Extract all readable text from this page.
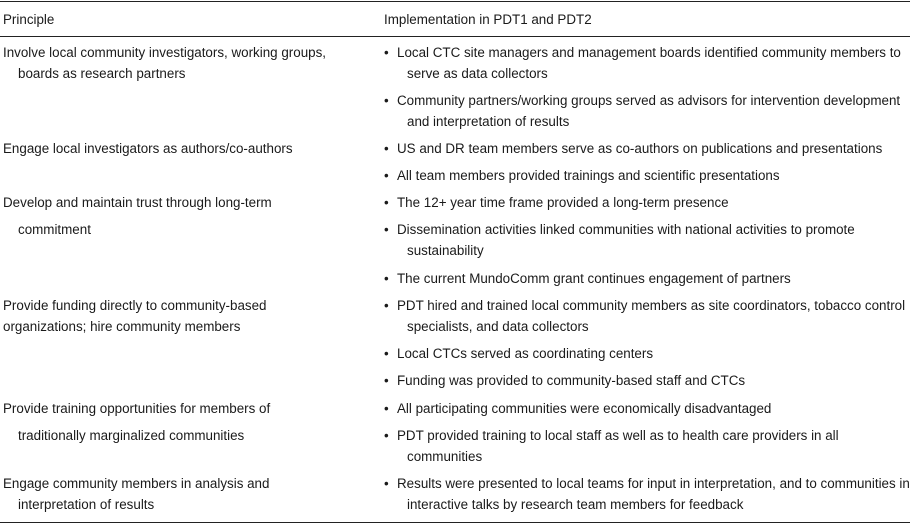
Principle	Implementation in PDT1 and PDT2
Involve local community investigators, working groups,
boards as research partners
• Local CTC site managers and management boards identified community members to
serve as data collectors
• Community partners/working groups served as advisors for intervention development
and interpretation of results
Engage local investigators as authors/co-authors	• US and DR team members serve as co-authors on publications and presentations
• All team members provided trainings and scientific presentations
Develop and maintain trust through long-term
commitment
• The 12+ year time frame provided a long-term presence
• Dissemination activities linked communities with national activities to promote
sustainability
• The current MundoComm grant continues engagement of partners
Provide funding directly to community-based
organizations; hire community members
• PDT hired and trained local community members as site coordinators, tobacco control
specialists, and data collectors
• Local CTCs served as coordinating centers
• Funding was provided to community-based staff and CTCs
Provide training opportunities for members of
traditionally marginalized communities
• All participating communities were economically disadvantaged
• PDT provided training to local staff as well as to health care providers in all
communities
Engage community members in analysis and
interpretation of results
• Results were presented to local teams for input in interpretation, and to communities in
interactive talks by research team members for feedback
